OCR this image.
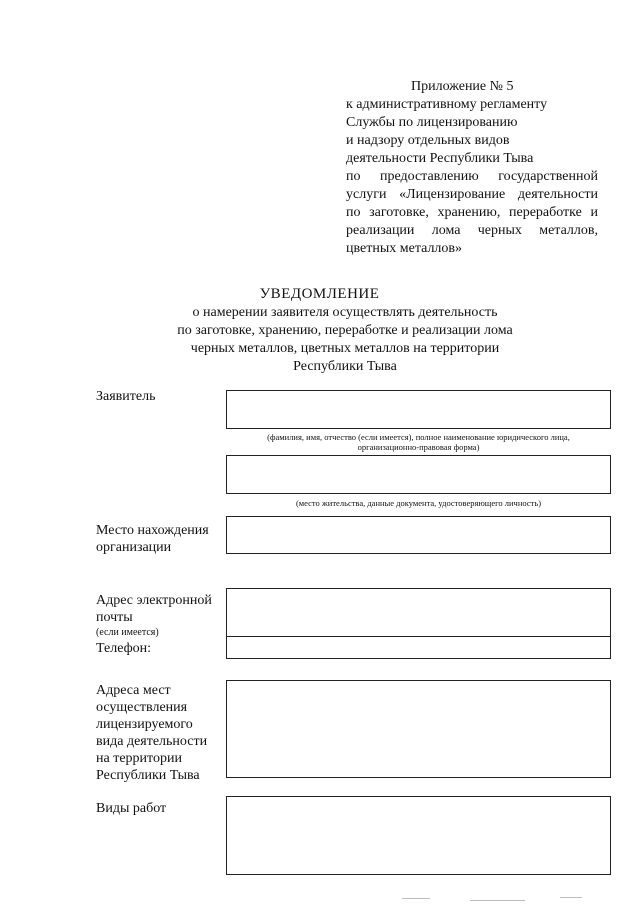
Приложение № 5
к административному регламенту
Службы по лицензированию
и надзору отдельных видов
деятельности Республики Тыва
по предоставлению государственной
услуги «Лицензирование деятельности
по заготовке, хранению, переработке и
реализации лома черных металлов,
цветных металлов»
УВЕДОМЛЕНИЕ
о намерении заявителя осуществлять деятельность
по заготовке, хранению, переработке и реализации лома
черных металлов, цветных металлов на территории
Республики Тыва
Заявитель
(фамилия, имя, отчество (если имеется), полное наименование юридического лица,
организационно-правовая форма)
(место жительства, данные документа, удостоверяющего личность)
Место нахождения
организации
Адрес электронной
почты
(если имеется)
Телефон:
Адреса мест
осуществления
лицензируемого
вида деятельности
на территории
Республики Тыва
Виды работ
